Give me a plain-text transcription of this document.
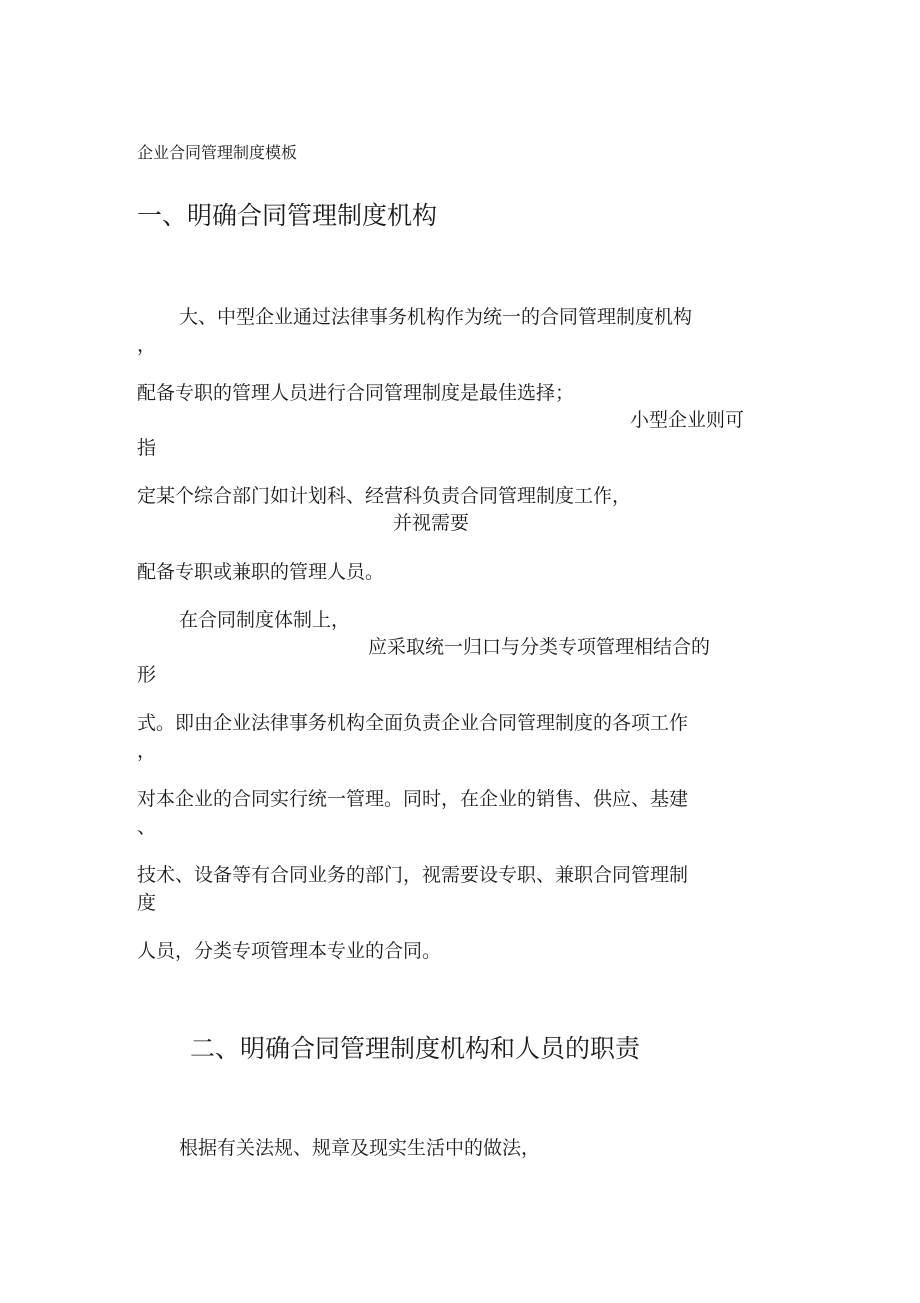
企业合同管理制度模板
一、明确合同管理制度机构
大、中型企业通过法律事务机构作为统一的合同管理制度机构
，
配备专职的管理人员进行合同管理制度是最佳选择；
小型企业则可
指
定某个综合部门如计划科、经营科负责合同管理制度工作，
并视需要
配备专职或兼职的管理人员。
在合同制度体制上，
应采取统一归口与分类专项管理相结合的
形
式。即由企业法律事务机构全面负责企业合同管理制度的各项工作
，
对本企业的合同实行统一管理。同时，在企业的销售、供应、基建
、
技术、设备等有合同业务的部门，视需要设专职、兼职合同管理制
度
人员，分类专项管理本专业的合同。
二、明确合同管理制度机构和人员的职责
根据有关法规、规章及现实生活中的做法，
